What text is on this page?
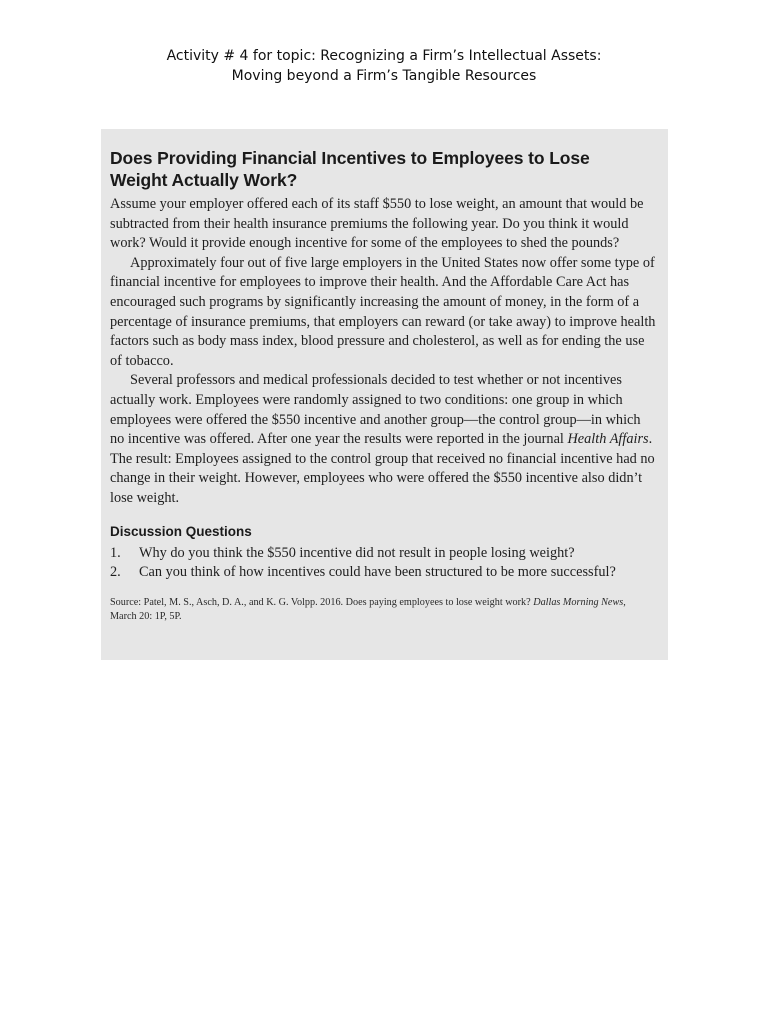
Activity # 4 for topic: Recognizing a Firm’s Intellectual Assets:
Moving beyond a Firm’s Tangible Resources
Does Providing Financial Incentives to Employees to Lose
Weight Actually Work?

Assume your employer offered each of its staff $550 to lose weight, an amount that would be subtracted from their health insurance premiums the following year. Do you think it would work? Would it provide enough incentive for some of the employees to shed the pounds?

Approximately four out of five large employers in the United States now offer some type of financial incentive for employees to improve their health. And the Affordable Care Act has encouraged such programs by significantly increasing the amount of money, in the form of a percentage of insurance premiums, that employers can reward (or take away) to improve health factors such as body mass index, blood pressure and cholesterol, as well as for ending the use of tobacco.

Several professors and medical professionals decided to test whether or not incentives actually work. Employees were randomly assigned to two conditions: one group in which employees were offered the $550 incentive and another group—the control group—in which no incentive was offered. After one year the results were reported in the journal Health Affairs. The result: Employees assigned to the control group that received no financial incentive had no change in their weight. However, employees who were offered the $550 incentive also didn’t lose weight.

Discussion Questions
1.	Why do you think the $550 incentive did not result in people losing weight?
2.	Can you think of how incentives could have been structured to be more successful?
Source: Patel, M. S., Asch, D. A., and K. G. Volpp. 2016. Does paying employees to lose weight work? Dallas Morning News, March 20: 1P, 5P.
